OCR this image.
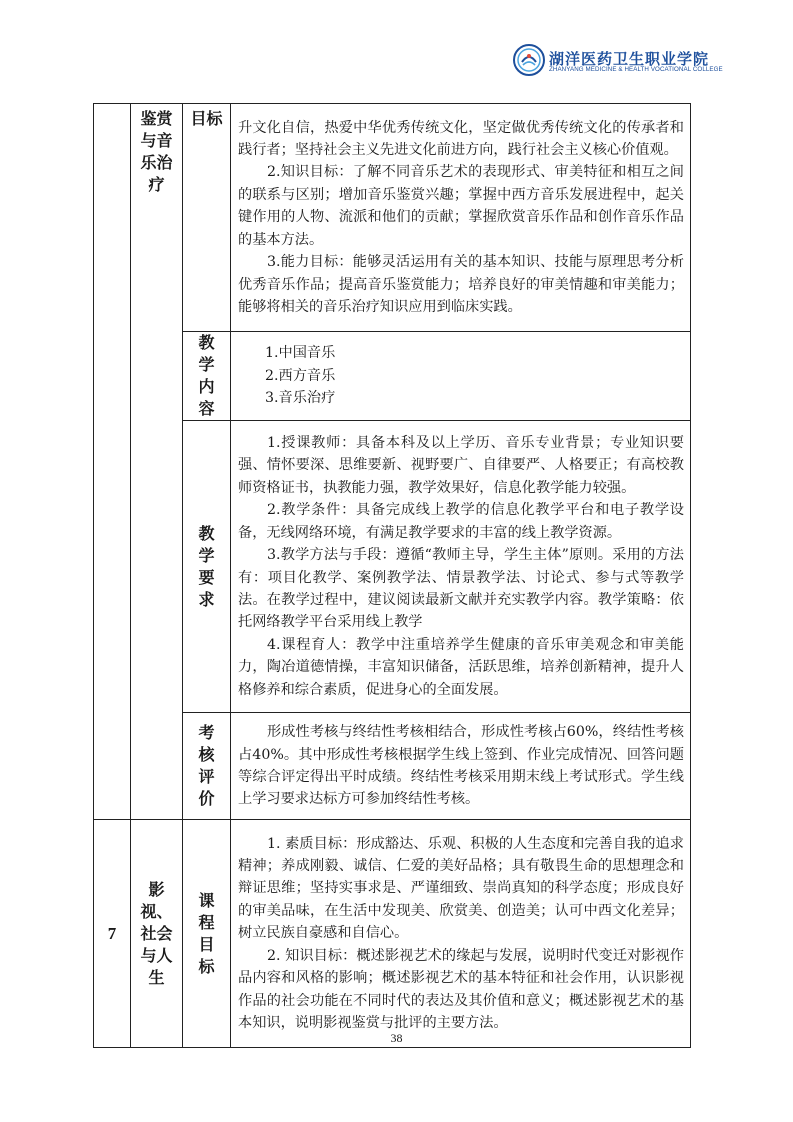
湖洋医药卫生职业学院
ZHANYANG MEDICINE & HEALTH VOCATIONAL COLLEGE
	鉴赏与音乐治疗	目标	升文化自信，热爱中华优秀传统文化，坚定做优秀传统文化的传承者和践行者；坚持社会主义先进文化前进方向，践行社会主义核心价值观。

2.知识目标：了解不同音乐艺术的表现形式、审美特征和相互之间的联系与区别；增加音乐鉴赏兴趣；掌握中西方音乐发展进程中，起关键作用的人物、流派和他们的贡献；掌握欣赏音乐作品和创作音乐作品的基本方法。

3.能力目标：能够灵活运用有关的基本知识、技能与原理思考分析优秀音乐作品；提高音乐鉴赏能力；培养良好的审美情趣和审美能力；能够将相关的音乐治疗知识应用到临床实践。

		教学内容	1.中国音乐

2.西方音乐

3.音乐治疗

		教学要求	1.授课教师：具备本科及以上学历、音乐专业背景；专业知识要强、情怀要深、思维要新、视野要广、自律要严、人格要正；有高校教师资格证书，执教能力强，教学效果好，信息化教学能力较强。

2.教学条件：具备完成线上教学的信息化教学平台和电子教学设备，无线网络环境，有满足教学要求的丰富的线上教学资源。

3.教学方法与手段：遵循“教师主导，学生主体”原则。采用的方法有：项目化教学、案例教学法、情景教学法、讨论式、参与式等教学法。在教学过程中，建议阅读最新文献并充实教学内容。教学策略：依托网络教学平台采用线上教学

4.课程育人：教学中注重培养学生健康的音乐审美观念和审美能力，陶冶道德情操，丰富知识储备，活跃思维，培养创新精神，提升人格修养和综合素质，促进身心的全面发展。

		考核评价	形成性考核与终结性考核相结合，形成性考核占60%，终结性考核占40%。其中形成性考核根据学生线上签到、作业完成情况、回答问题等综合评定得出平时成绩。终结性考核采用期末线上考试形式。学生线上学习要求达标方可参加终结性考核。

7	影视、社会与人生	课程目标	1. 素质目标：形成豁达、乐观、积极的人生态度和完善自我的追求精神；养成刚毅、诚信、仁爱的美好品格；具有敬畏生命的思想理念和辩证思维；坚持实事求是、严谨细致、崇尚真知的科学态度；形成良好的审美品味，在生活中发现美、欣赏美、创造美；认可中西文化差异；树立民族自豪感和自信心。

2. 知识目标：概述影视艺术的缘起与发展，说明时代变迁对影视作品内容和风格的影响；概述影视艺术的基本特征和社会作用，认识影视作品的社会功能在不同时代的表达及其价值和意义；概述影视艺术的基本知识，说明影视鉴赏与批评的主要方法。

38
